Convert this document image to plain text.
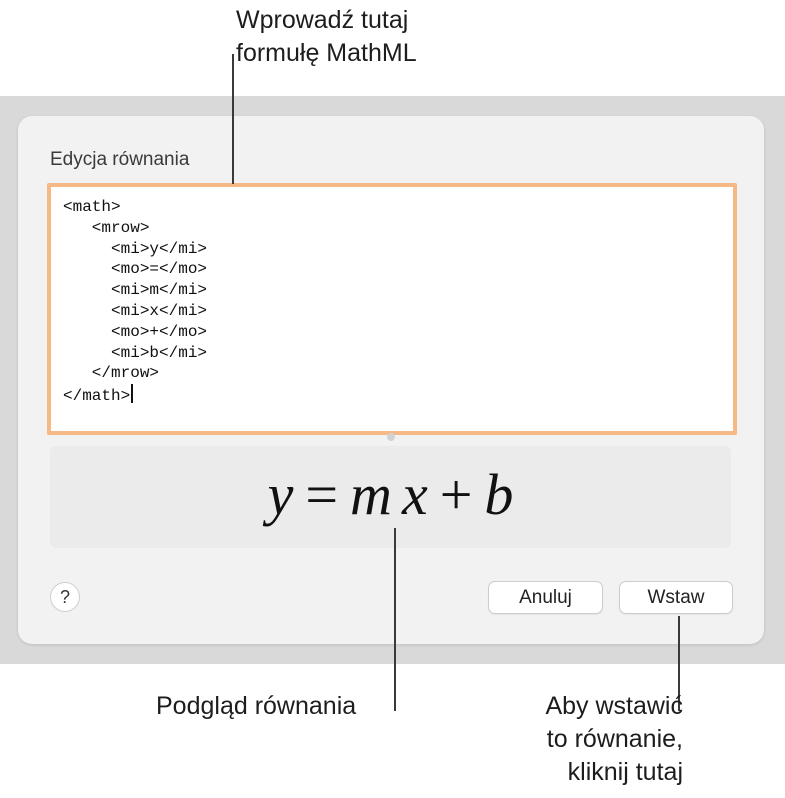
Edycja równania
<math>
<mrow>
<mi>y</mi>
<mo>=</mo>
<mi>m</mi>
<mi>x</mi>
<mo>+</mo>
<mi>b</mi>
</mrow>
</math>
y = m x + b
?	Anuluj	Wstaw
Wprowadź tutaj
formułę MathML
Podgląd równania	Aby wstawić
to równanie,
kliknij tutaj
